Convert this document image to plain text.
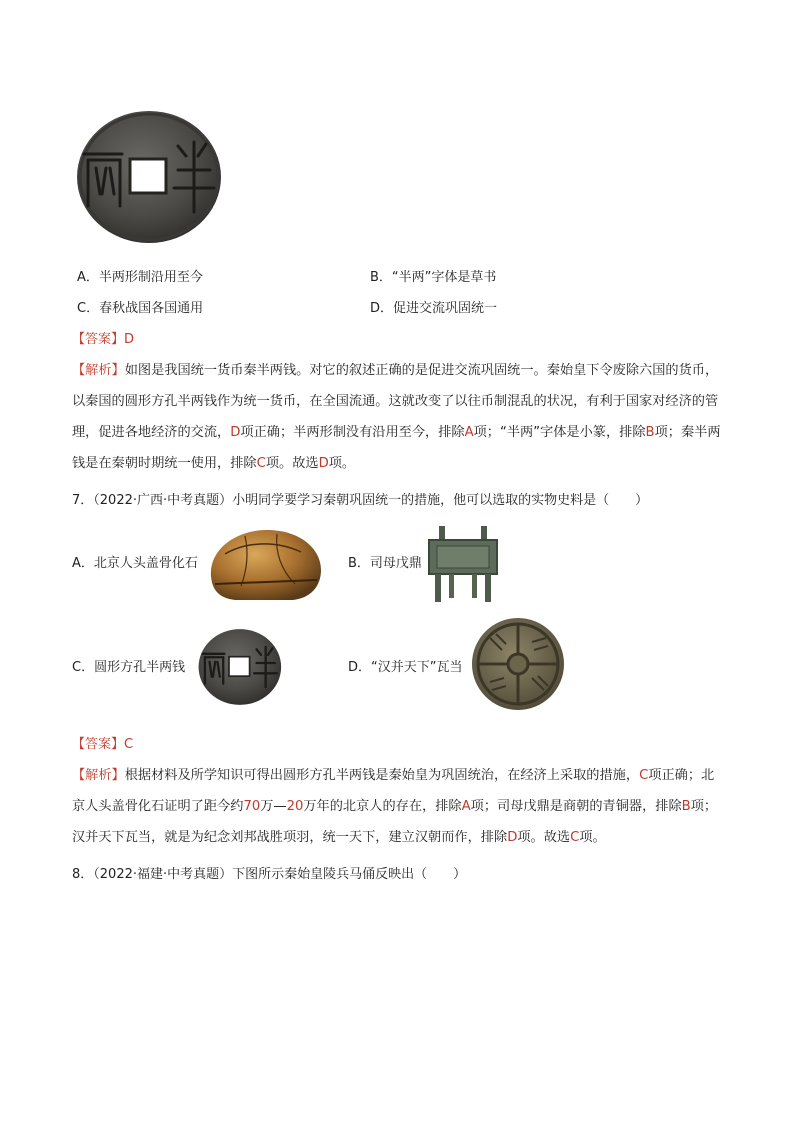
A．半两形制沿用至今	B．“半两”字体是草书
C．春秋战国各国通用	D．促进交流巩固统一
【答案】D
【解析】如图是我国统一货币秦半两钱。对它的叙述正确的是促进交流巩固统一。秦始皇下令废除六国的货币，以秦国的圆形方孔半两钱作为统一货币，在全国流通。这就改变了以往币制混乱的状况，有利于国家对经济的管理，促进各地经济的交流，D项正确；半两形制没有沿用至今，排除A项；“半两”字体是小篆，排除B项；秦半两钱是在秦朝时期统一使用，排除C项。故选D项。
7．（2022·广西·中考真题）小明同学要学习秦朝巩固统一的措施，他可以选取的实物史料是（　　）
A．北京人头盖骨化石	B．司母戊鼎
C．圆形方孔半两钱	D．“汉并天下”瓦当
【答案】C
【解析】根据材料及所学知识可得出圆形方孔半两钱是秦始皇为巩固统治，在经济上采取的措施，C项正确；北京人头盖骨化石证明了距今约70万—20万年的北京人的存在，排除A项；司母戊鼎是商朝的青铜器，排除B项；汉并天下瓦当，就是为纪念刘邦战胜项羽，统一天下，建立汉朝而作，排除D项。故选C项。
8．（2022·福建·中考真题）下图所示秦始皇陵兵马俑反映出（　　）
